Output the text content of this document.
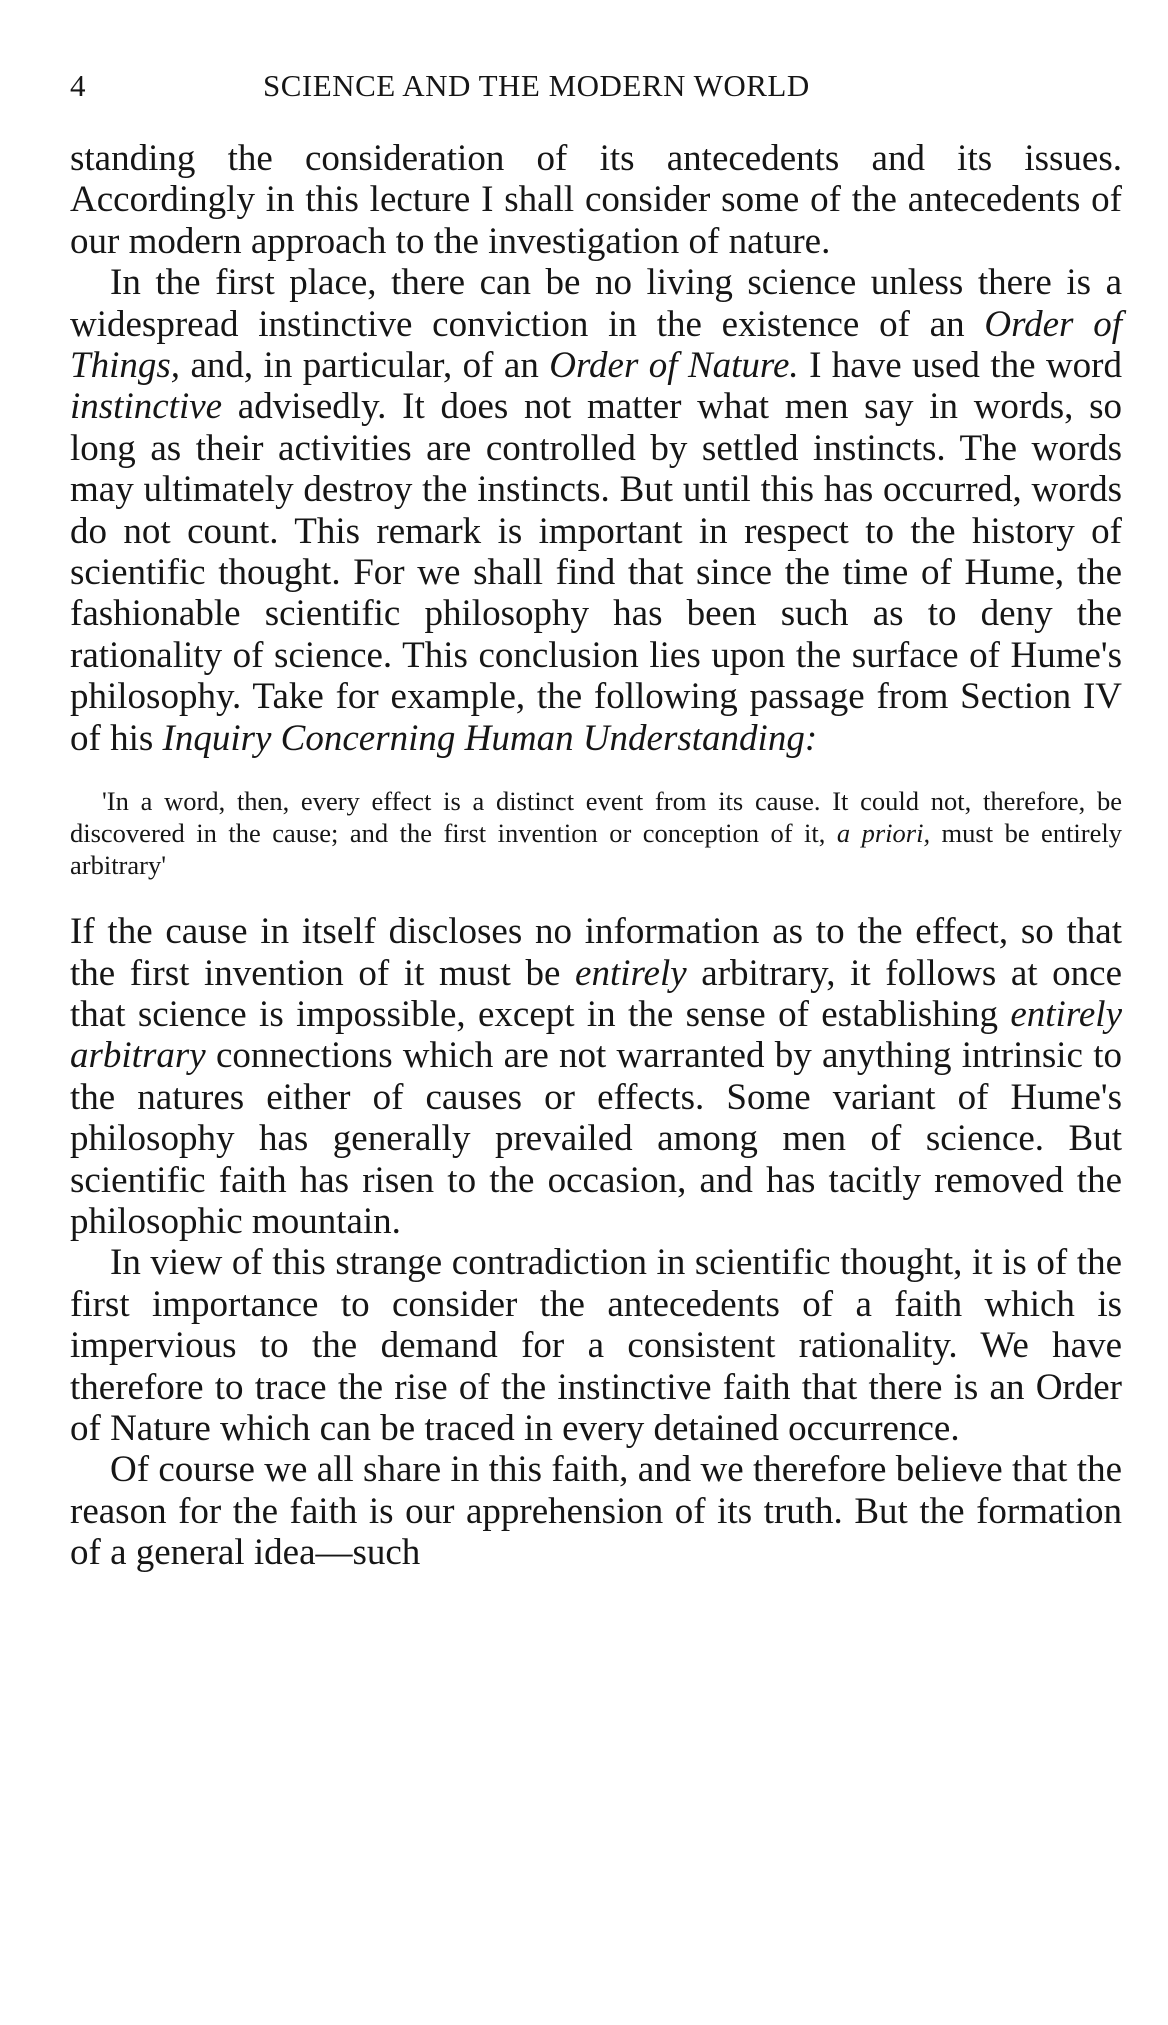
4	SCIENCE AND THE MODERN WORLD

standing the consideration of its antecedents and its issues. Accordingly in this lecture I shall consider some of the antecedents of our modern approach to the investigation of nature.

In the first place, there can be no living science unless there is a widespread instinctive conviction in the existence of an Order of Things, and, in particular, of an Order of Nature. I have used the word instinctive advisedly. It does not matter what men say in words, so long as their activities are controlled by settled instincts. The words may ultimately destroy the instincts. But until this has occurred, words do not count. This remark is important in respect to the history of scientific thought. For we shall find that since the time of Hume, the fashionable scientific philosophy has been such as to deny the rationality of science. This conclusion lies upon the surface of Hume's philosophy. Take for example, the following passage from Section IV of his Inquiry Concerning Human Understanding:

'In a word, then, every effect is a distinct event from its cause. It could not, therefore, be discovered in the cause; and the first invention or conception of it, a priori, must be entirely arbitrary'

If the cause in itself discloses no information as to the effect, so that the first invention of it must be entirely arbitrary, it follows at once that science is impossible, except in the sense of establishing entirely arbitrary connections which are not warranted by anything intrinsic to the natures either of causes or effects. Some variant of Hume's philosophy has generally prevailed among men of science. But scientific faith has risen to the occasion, and has tacitly removed the philosophic mountain.

In view of this strange contradiction in scientific thought, it is of the first importance to consider the antecedents of a faith which is impervious to the demand for a consistent rationality. We have therefore to trace the rise of the instinctive faith that there is an Order of Nature which can be traced in every detained occurrence.

Of course we all share in this faith, and we therefore believe that the reason for the faith is our apprehension of its truth. But the formation of a general idea—such
